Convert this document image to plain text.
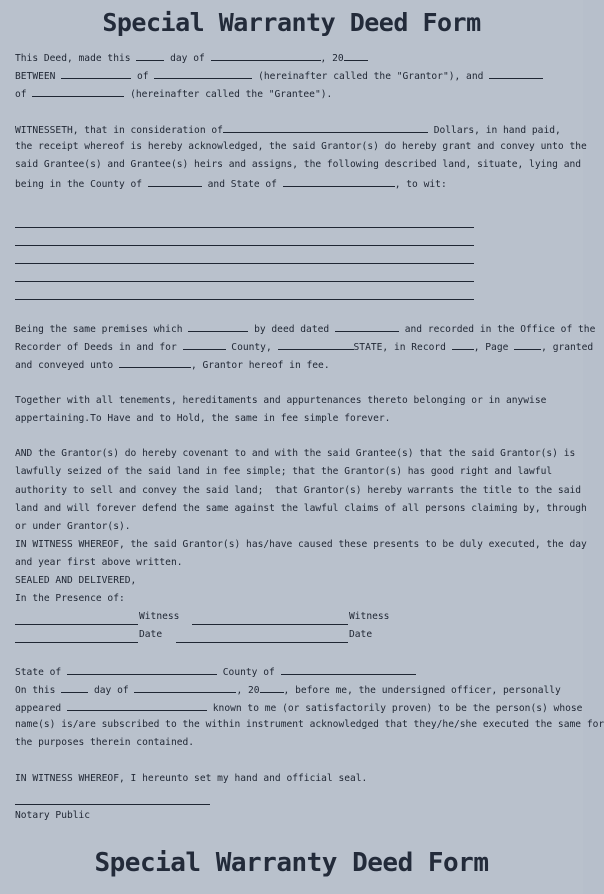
Special Warranty Deed Form
This Deed, made this	day of	, 20
BETWEEN	of	(hereinafter called the "Grantor"), and
of	(hereinafter called the "Grantee").
WITNESSETH, that in consideration of	Dollars, in hand paid,
the receipt whereof is hereby acknowledged, the said Grantor(s) do hereby grant and convey unto the
said Grantee(s) and Grantee(s) heirs and assigns, the following described land, situate, lying and
being in the County of	and State of	, to wit:
Being the same premises which	by deed dated	and recorded in the Office of the
Recorder of Deeds in and for	County,	STATE, in Record	, Page	, granted
and conveyed unto	, Grantor hereof in fee.
Together with all tenements, hereditaments and appurtenances thereto belonging or in anywise
appertaining.To Have and to Hold, the same in fee simple forever.
AND the Grantor(s) do hereby covenant to and with the said Grantee(s) that the said Grantor(s) is
lawfully seized of the said land in fee simple; that the Grantor(s) has good right and lawful
authority to sell and convey the said land;  that Grantor(s) hereby warrants the title to the said
land and will forever defend the same against the lawful claims of all persons claiming by, through
or under Grantor(s).
IN WITNESS WHEREOF, the said Grantor(s) has/have caused these presents to be duly executed, the day
and year first above written.
SEALED AND DELIVERED,
In the Presence of:
Witness	Witness
Date	Date
State of	County of
On this	day of	, 20	, before me, the undersigned officer, personally
appeared	known to me (or satisfactorily proven) to be the person(s) whose
name(s) is/are subscribed to the within instrument acknowledged that they/he/she executed the same for
the purposes therein contained.
IN WITNESS WHEREOF, I hereunto set my hand and official seal.
Notary Public
Special Warranty Deed Form
